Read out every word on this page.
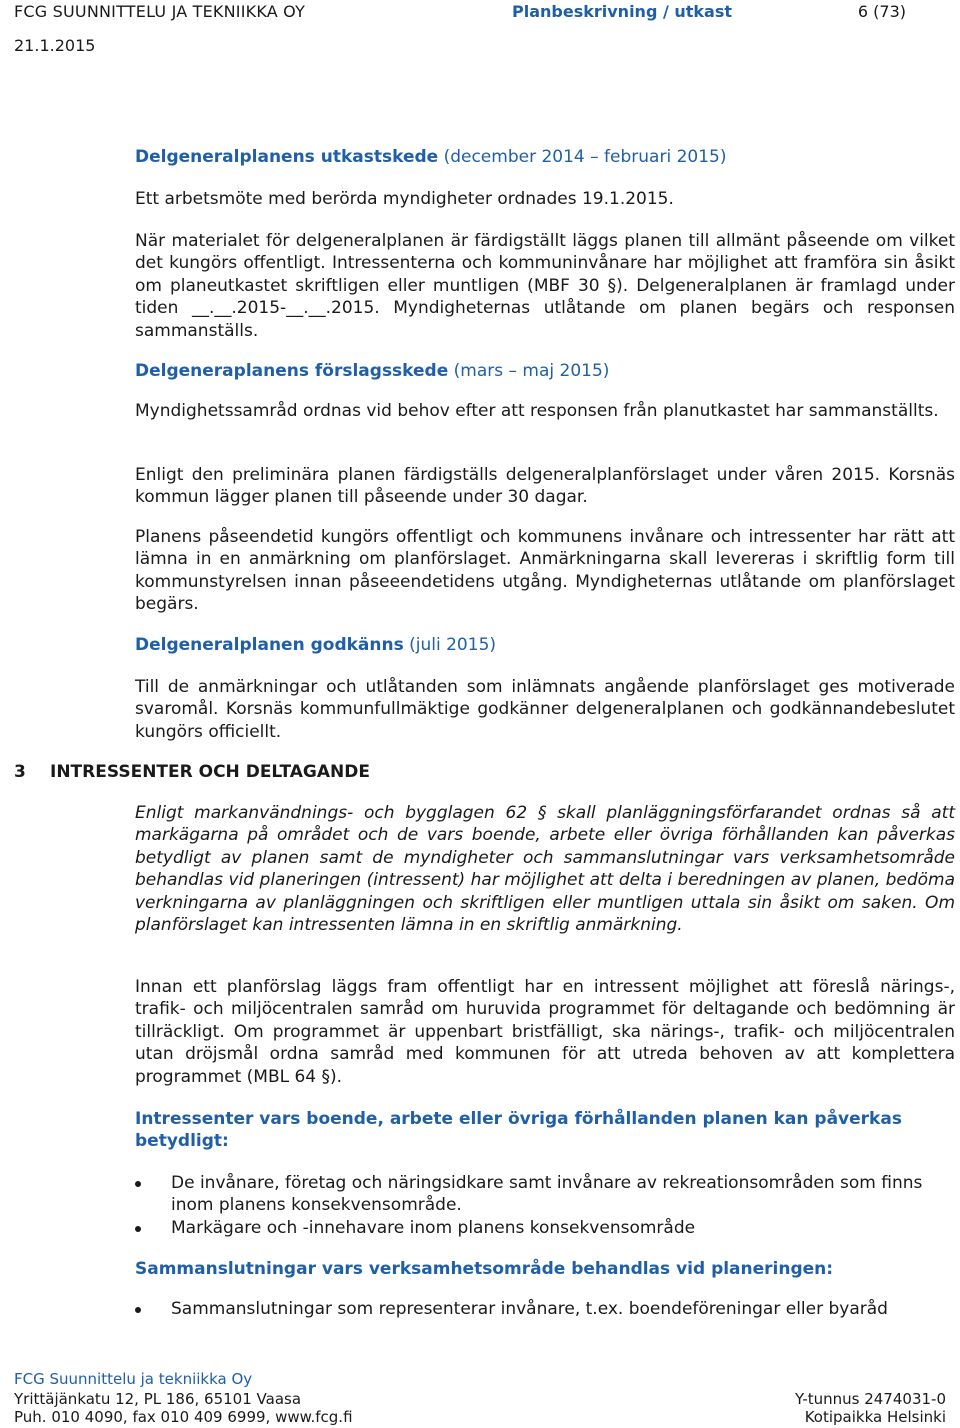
FCG SUUNNITTELU JA TEKNIIKKA OY	Planbeskrivning / utkast	6 (73)
21.1.2015
Delgeneralplanens utkastskede (december 2014 – februari 2015)
Ett arbetsmöte med berörda myndigheter ordnades 19.1.2015.
När materialet för delgeneralplanen är färdigställt läggs planen till allmänt påseende om vilket det kungörs offentligt. Intressenterna och kommuninvånare har möjlighet att framföra sin åsikt om planeutkastet skriftligen eller muntligen (MBF 30 §). Delgeneralplanen är framlagd under tiden __.__.2015-__.__.2015. Myndigheternas utlåtande om planen begärs och responsen sammanställs.
Delgeneraplanens förslagsskede (mars – maj 2015)
Myndighetssamråd ordnas vid behov efter att responsen från planutkastet har sammanställts.
Enligt den preliminära planen färdigställs delgeneralplanförslaget under våren 2015. Korsnäs kommun lägger planen till påseende under 30 dagar.
Planens påseendetid kungörs offentligt och kommunens invånare och intressenter har rätt att lämna in en anmärkning om planförslaget. Anmärkningarna skall levereras i skriftlig form till kommunstyrelsen innan påseeendetidens utgång. Myndigheternas utlåtande om planförslaget begärs.
Delgeneralplanen godkänns (juli 2015)
Till de anmärkningar och utlåtanden som inlämnats angående planförslaget ges motiverade svaromål. Korsnäs kommunfullmäktige godkänner delgeneralplanen och godkännandebeslutet kungörs officiellt.
3 INTRESSENTER OCH DELTAGANDE
Enligt markanvändnings- och bygglagen 62 § skall planläggningsförfarandet ordnas så att markägarna på området och de vars boende, arbete eller övriga förhållanden kan påverkas betydligt av planen samt de myndigheter och sammanslutningar vars verksamhetsområde behandlas vid planeringen (intressent) har möjlighet att delta i beredningen av planen, bedöma verkningarna av planläggningen och skriftligen eller muntligen uttala sin åsikt om saken. Om planförslaget kan intressenten lämna in en skriftlig anmärkning.
Innan ett planförslag läggs fram offentligt har en intressent möjlighet att föreslå närings-, trafik- och miljöcentralen samråd om huruvida programmet för deltagande och bedömning är tillräckligt. Om programmet är uppenbart bristfälligt, ska närings-, trafik- och miljöcentralen utan dröjsmål ordna samråd med kommunen för att utreda behoven av att komplettera programmet (MBL 64 §).
Intressenter vars boende, arbete eller övriga förhållanden planen kan påverkas betydligt:
De invånare, företag och näringsidkare samt invånare av rekreationsområden som finns inom planens konsekvensområde.
Markägare och -innehavare inom planens konsekvensområde
Sammanslutningar vars verksamhetsområde behandlas vid planeringen:
Sammanslutningar som representerar invånare, t.ex. boendeföreningar eller byaråd
FCG Suunnittelu ja tekniikka Oy
Yrittäjänkatu 12, PL 186, 65101 Vaasa
Puh. 010 4090, fax 010 409 6999, www.fcg.fi
Y-tunnus 2474031-0
Kotipaikka Helsinki
